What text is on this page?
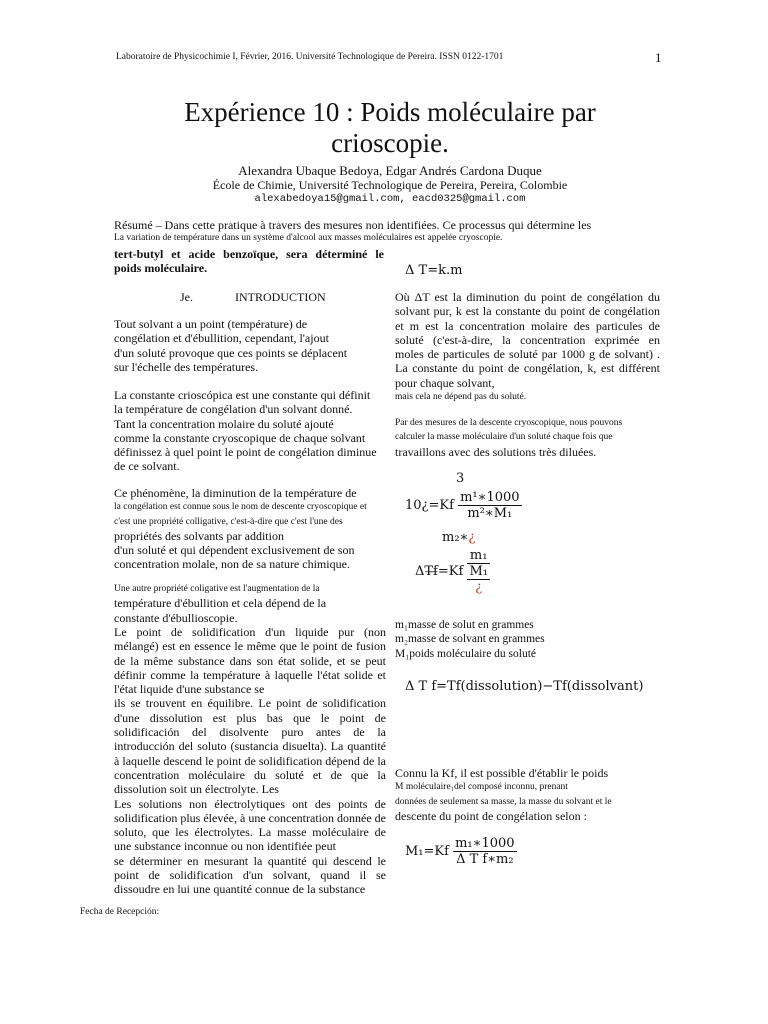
Laboratoire de Physicochimie I, Février, 2016. Université Technologique de Pereira. ISSN 0122-1701	1
Expérience 10 : Poids moléculaire par
crioscopie.
Alexandra Ubaque Bedoya, Edgar Andrés Cardona Duque
École de Chimie, Université Technologique de Pereira, Pereira, Colombie
alexabedoya15@gmail.com, eacd0325@gmail.com
Résumé – Dans cette pratique à travers des mesures non identifiées. Ce processus qui détermine les
La variation de température dans un système d'alcool aux masses moléculaires est appelée cryoscopie.
tert-butyl et acide benzoïque, sera déterminé le poids moléculaire.
Je.	INTRODUCTION

Tout solvant a un point (température) de

congélation et d'ébullition, cependant, l'ajout

d'un soluté provoque que ces points se déplacent

sur l'échelle des températures.

La constante crioscópica est une constante qui définit

la température de congélation d'un solvant donné.

Tant la concentration molaire du soluté ajouté

comme la constante cryoscopique de chaque solvant

définissez à quel point le point de congélation diminue

de ce solvant.

Ce phénomène, la diminution de la température de

la congélation est connue sous le nom de descente cryoscopique et

c'est une propriété colligative, c'est-à-dire que c'est l'une des

propriétés des solvants par addition

d'un soluté et qui dépendent exclusivement de son

concentration molale, non de sa nature chimique.

Une autre propriété coligative est l'augmentation de la

température d'ébullition et cela dépend de la

constante d'ébullioscopie.

Le point de solidification d'un liquide pur (non mélangé) est en essence le même que le point de fusion de la même substance dans son état solide, et se peut définir comme la température à laquelle l'état solide et l'état liquide d'une substance se

ils se trouvent en équilibre. Le point de solidification d'une dissolution est plus bas que le point de solidificación del disolvente puro antes de la introducción del soluto (sustancia disuelta). La quantité à laquelle descend le point de solidification dépend de la concentration moléculaire du soluté et de que la dissolution soit un électrolyte. Les

Les solutions non électrolytiques ont des points de solidification plus élevée, à une concentration donnée de soluto, que les électrolytes. La masse moléculaire de une substance inconnue ou non identifiée peut

se déterminer en mesurant la quantité qui descend le point de solidification d'un solvant, quand il se dissoudre en lui une quantité connue de la substance

Δ T=k.m

Où ΔT est la diminution du point de congélation du solvant pur, k est la constante du point de congélation et m est la concentration molaire des particules de soluté (c'est-à-dire, la concentration exprimée en moles de particules de soluté par 1000 g de solvant) . La constante du point de congélation, k, est différent pour chaque solvant,

mais cela ne dépend pas du soluté.

Par des mesures de la descente cryoscopique, nous pouvons

calculer la masse moléculaire d'un soluté chaque fois que

travaillons avec des solutions très diluées.

3
10¿=Kf $\frac{\text{m¹∗1000}}{\text{m²∗M₁}}$
m₂∗¿
ΔT̶f̶=Kf
m₁
M₁
¿

m₁masse de solut en grammes

m₂masse de solvant en grammes

M₁poids moléculaire du soluté

Δ T f=Tf(dissolution)−Tf(dissolvant)

Connu la Kf, il est possible d'établir le poids

M moléculaire₁del composé inconnu, prenant

données de seulement sa masse, la masse du solvant et le

descente du point de congélation selon :

$M_1=Kf \frac{\text{m₁∗1000}}{\text{Δ T f∗m₂}}$
Fecha de Recepción:
